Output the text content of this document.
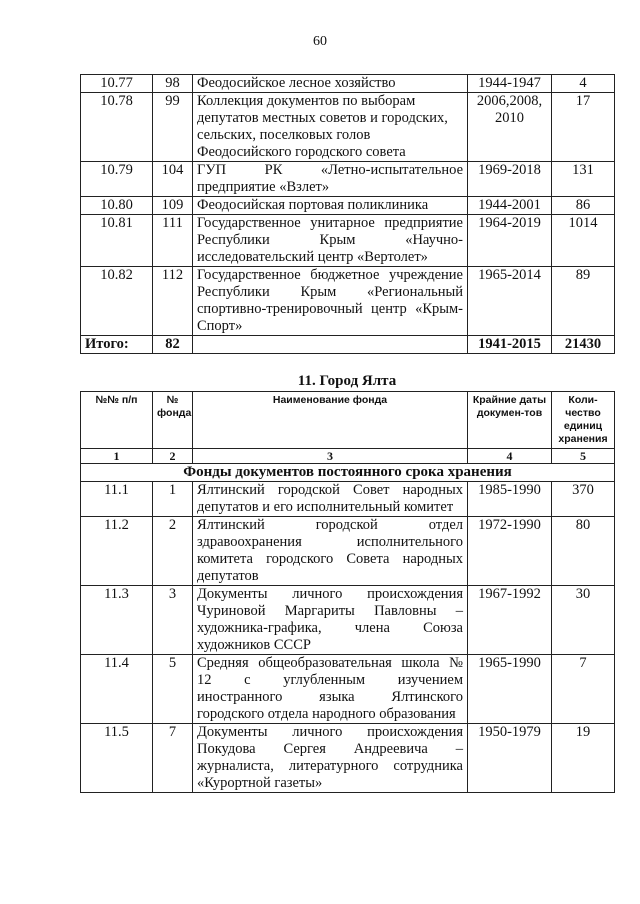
60
10.77	98	Феодосийское лесное хозяйство	1944-1947	4
10.78	99	Коллекция документов по выборам депутатов местных советов и городских, сельских, поселковых голов Феодосийского городского совета	2006,2008, 2010	17
10.79	104	ГУП РК «Летно-испытательное предприятие «Взлет»	1969-2018	131
10.80	109	Феодосийская портовая поликлиника	1944-2001	86
10.81	111	Государственное унитарное предприятие Республики Крым «Научно-исследовательский центр «Вертолет»	1964-2019	1014
10.82	112	Государственное бюджетное учреждение Республики Крым «Региональный спортивно-тренировочный центр «Крым-Спорт»	1965-2014	89
Итого:	82		1941-2015	21430
11. Город Ялта
№№ п/п	№ фонда	Наименование фонда	Крайние даты докумен-тов	Коли-чество единиц хранения
1	2	3	4	5
Фонды документов постоянного срока хранения				
11.1	1	Ялтинский городской Совет народных депутатов и его исполнительный комитет	1985-1990	370
11.2	2	Ялтинский городской отдел здравоохранения исполнительного комитета городского Совета народных депутатов	1972-1990	80
11.3	3	Документы личного происхождения Чуриновой Маргариты Павловны – художника-графика, члена Союза художников СССР	1967-1992	30
11.4	5	Средняя общеобразовательная школа № 12 с углубленным изучением иностранного языка Ялтинского городского отдела народного образования	1965-1990	7
11.5	7	Документы личного происхождения Покудова Сергея Андреевича – журналиста, литературного сотрудника «Курортной газеты»	1950-1979	19
